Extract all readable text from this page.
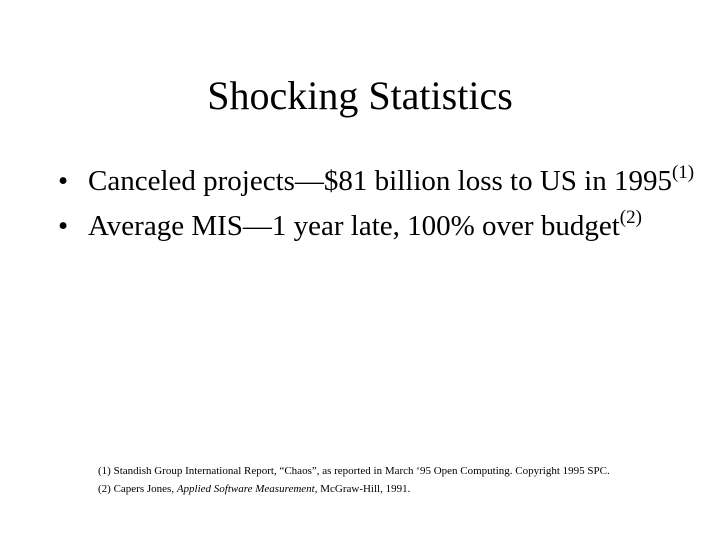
Shocking Statistics
• Canceled projects—$81 billion loss to US in 1995$^{(1)}$
• Average MIS—1 year late, 100% over budget$^{(2)}$
(1) Standish Group International Report, “Chaos”, as reported in March ‘95 Open Computing. Copyright 1995 SPC.
(2) Capers Jones, Applied Software Measurement, McGraw-Hill, 1991.
